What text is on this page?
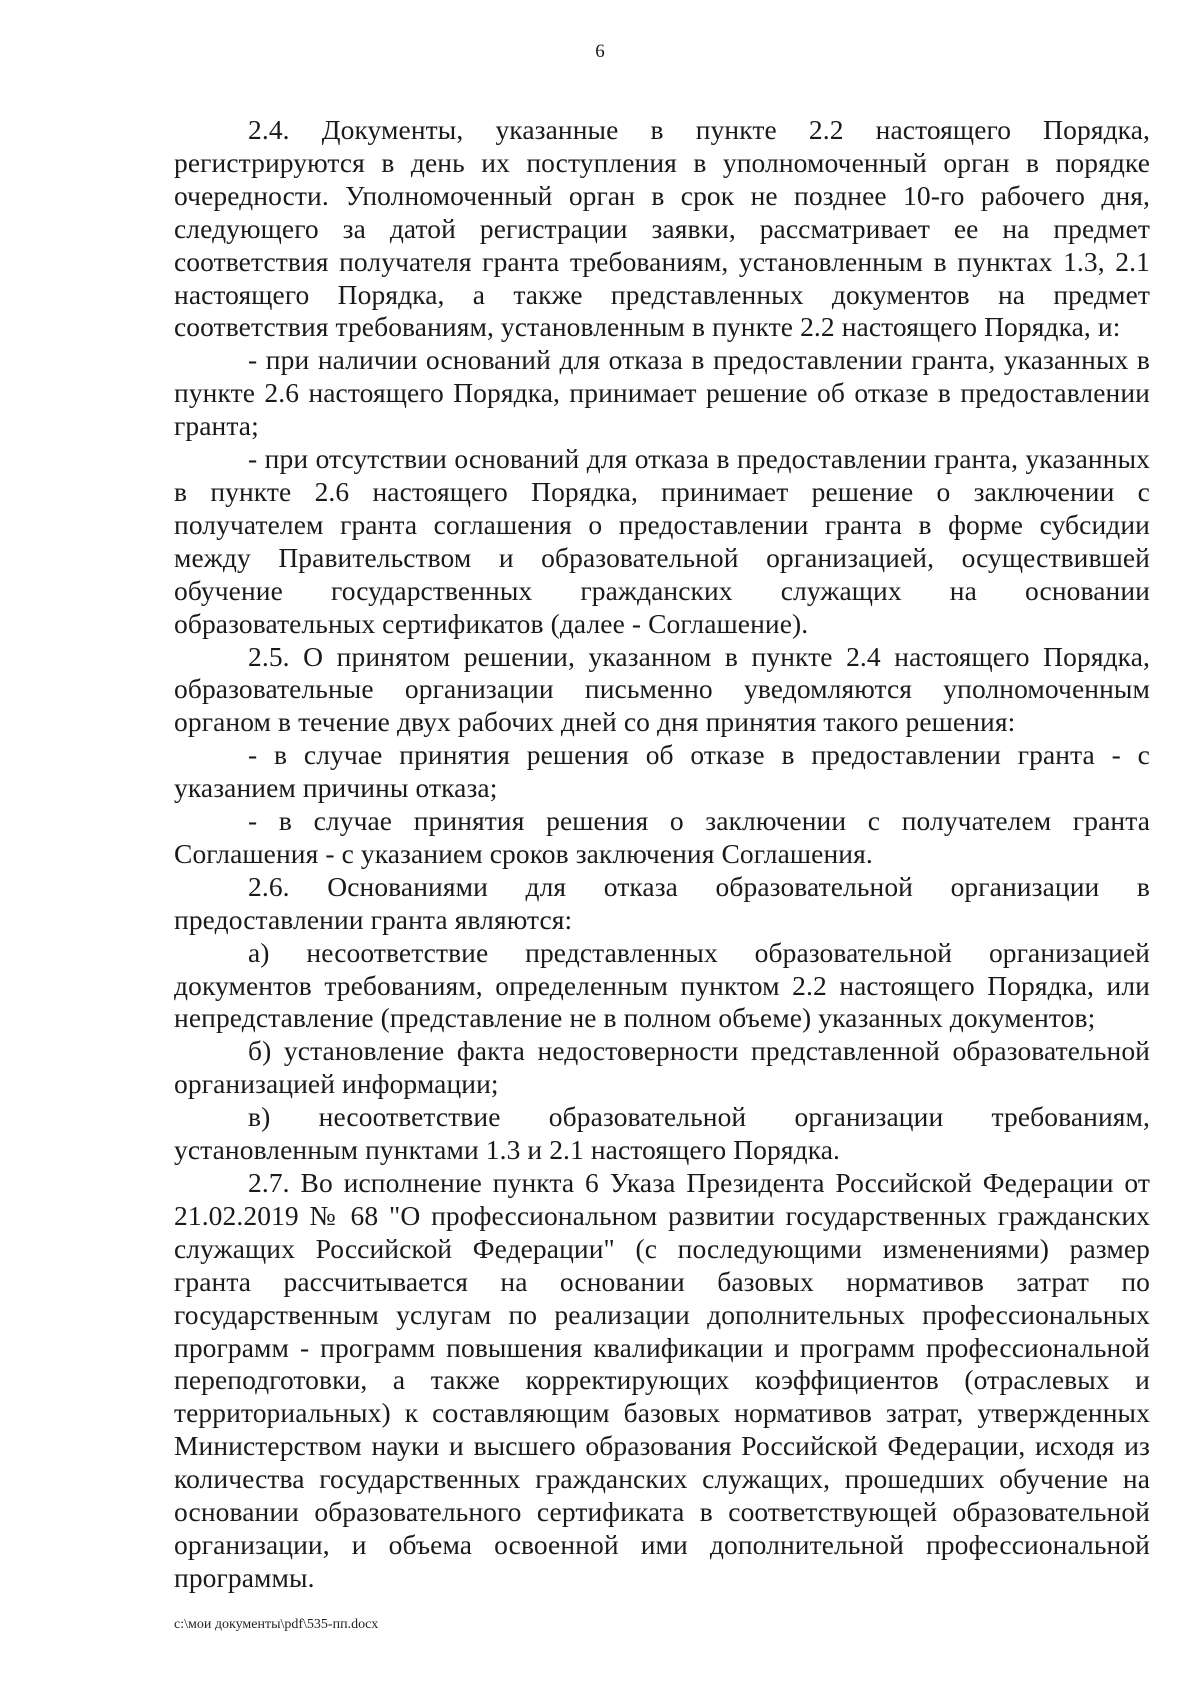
6

2.4. Документы, указанные в пункте 2.2 настоящего Порядка, регистрируются в день их поступления в уполномоченный орган в порядке очередности. Уполномоченный орган в срок не позднее 10-го рабочего дня, следующего за датой регистрации заявки, рассматривает ее на предмет соответствия получателя гранта требованиям, установленным в пунктах 1.3, 2.1 настоящего Порядка, а также представленных документов на предмет соответствия требованиям, установленным в пункте 2.2 настоящего Порядка, и:

- при наличии оснований для отказа в предоставлении гранта, указанных в пункте 2.6 настоящего Порядка, принимает решение об отказе в предоставлении гранта;

- при отсутствии оснований для отказа в предоставлении гранта, указанных в пункте 2.6 настоящего Порядка, принимает решение о заключении с получателем гранта соглашения о предоставлении гранта в форме субсидии между Правительством и образовательной организацией, осуществившей обучение государственных гражданских служащих на основании образовательных сертификатов (далее - Соглашение).

2.5. О принятом решении, указанном в пункте 2.4 настоящего Порядка, образовательные организации письменно уведомляются уполномоченным органом в течение двух рабочих дней со дня принятия такого решения:

- в случае принятия решения об отказе в предоставлении гранта - с указанием причины отказа;

- в случае принятия решения о заключении с получателем гранта Соглашения - с указанием сроков заключения Соглашения.

2.6. Основаниями для отказа образовательной организации в предоставлении гранта являются:

а) несоответствие представленных образовательной организацией документов требованиям, определенным пунктом 2.2 настоящего Порядка, или непредставление (представление не в полном объеме) указанных документов;

б) установление факта недостоверности представленной образовательной организацией информации;

в) несоответствие образовательной организации требованиям, установленным пунктами 1.3 и 2.1 настоящего Порядка.

2.7. Во исполнение пункта 6 Указа Президента Российской Федерации от 21.02.2019 № 68 "О профессиональном развитии государственных гражданских служащих Российской Федерации" (с последующими изменениями) размер гранта рассчитывается на основании базовых нормативов затрат по государственным услугам по реализации дополнительных профессиональных программ - программ повышения квалификации и программ профессиональной переподготовки, а также корректирующих коэффициентов (отраслевых и территориальных) к составляющим базовых нормативов затрат, утвержденных Министерством науки и высшего образования Российской Федерации, исходя из количества государственных гражданских служащих, прошедших обучение на основании образовательного сертификата в соответствующей образовательной организации, и объема освоенной ими дополнительной профессиональной программы.

c:\мои документы\pdf\535-пп.docx
